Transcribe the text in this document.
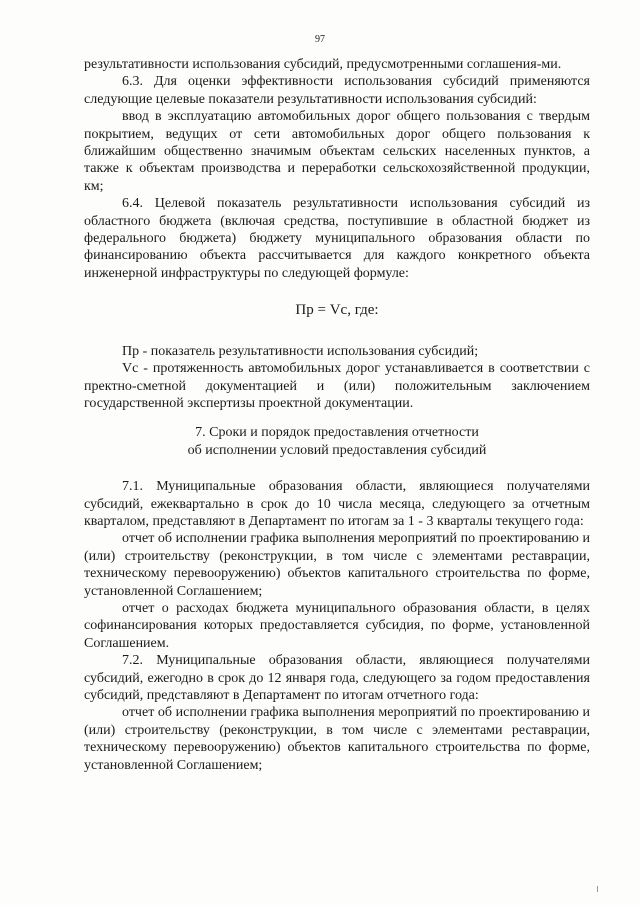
97

результативности использования субсидий, предусмотренными соглашения-ми.

6.3. Для оценки эффективности использования субсидий применяются следующие целевые показатели результативности использования субсидий:

ввод в эксплуатацию автомобильных дорог общего пользования с твердым покрытием, ведущих от сети автомобильных дорог общего пользования к ближайшим общественно значимым объектам сельских населенных пунктов, а также к объектам производства и переработки сельскохозяйственной продукции, км;

6.4. Целевой показатель результативности использования субсидий из областного бюджета (включая средства, поступившие в областной бюджет из федерального бюджета) бюджету муниципального образования области по финансированию объекта рассчитывается для каждого конкретного объекта инженерной инфраструктуры по следующей формуле:

Пр = Vс, где:

Пр - показатель результативности использования субсидий;

Vс - протяженность автомобильных дорог устанавливается в соответствии с пректно-сметной документацией и (или) положительным заключением государственной экспертизы проектной документации.

7. Сроки и порядок предоставления отчетности
об исполнении условий предоставления субсидий

7.1. Муниципальные образования области, являющиеся получателями субсидий, ежеквартально в срок до 10 числа месяца, следующего за отчетным кварталом, представляют в Департамент по итогам за 1 - 3 кварталы текущего года:

отчет об исполнении графика выполнения мероприятий по проектированию и (или) строительству (реконструкции, в том числе с элементами реставрации, техническому перевооружению) объектов капитального строительства по форме, установленной Соглашением;

отчет о расходах бюджета муниципального образования области, в целях софинансирования которых предоставляется субсидия, по форме, установленной Соглашением.

7.2. Муниципальные образования области, являющиеся получателями субсидий, ежегодно в срок до 12 января года, следующего за годом предоставления субсидий, представляют в Департамент по итогам отчетного года:

отчет об исполнении графика выполнения мероприятий по проектированию и (или) строительству (реконструкции, в том числе с элементами реставрации, техническому перевооружению) объектов капитального строительства по форме, установленной Соглашением;
